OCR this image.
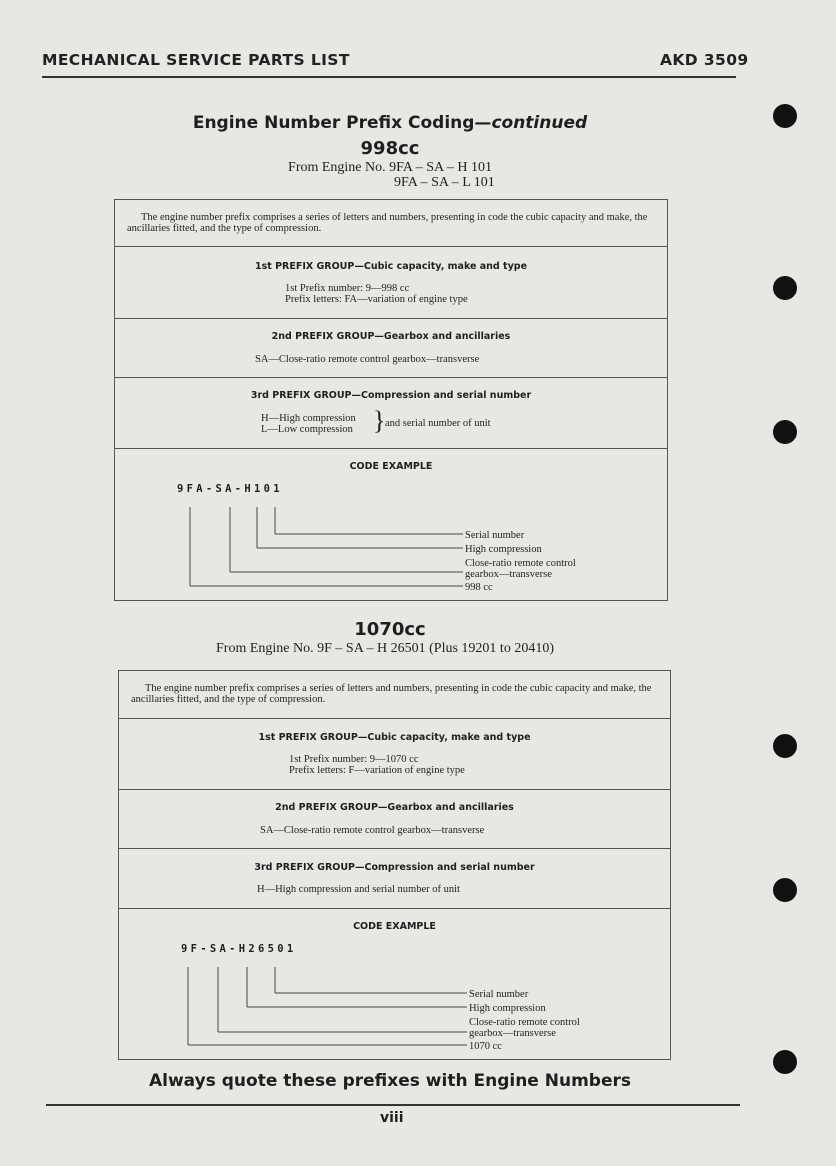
MECHANICAL SERVICE PARTS LIST	AKD 3509
Engine Number Prefix Coding—continued
998cc
From Engine No. 9FA – SA – H 101
9FA – SA – L 101
The engine number prefix comprises a series of letters and numbers, presenting in code the cubic capacity and make, the ancillaries fitted, and the type of compression.
1st PREFIX GROUP—Cubic capacity, make and type
1st Prefix number: 9—998 cc
Prefix letters: FA—variation of engine type
2nd PREFIX GROUP—Gearbox and ancillaries
SA—Close-ratio remote control gearbox—transverse
3rd PREFIX GROUP—Compression and serial number
H—High compression
L—Low compression } and serial number of unit
CODE EXAMPLE
9FA-SA-H101
Serial number
High compression
Close-ratio remote control
gearbox—transverse
998 cc
1070cc
From Engine No. 9F – SA – H 26501 (Plus 19201 to 20410)
The engine number prefix comprises a series of letters and numbers, presenting in code the cubic capacity and make, the ancillaries fitted, and the type of compression.
1st PREFIX GROUP—Cubic capacity, make and type
1st Prefix number: 9—1070 cc
Prefix letters: F—variation of engine type
2nd PREFIX GROUP—Gearbox and ancillaries
SA—Close-ratio remote control gearbox—transverse
3rd PREFIX GROUP—Compression and serial number
H—High compression and serial number of unit
CODE EXAMPLE
9F-SA-H26501
Serial number
High compression
Close-ratio remote control
gearbox—transverse
1070 cc
Always quote these prefixes with Engine Numbers
viii
